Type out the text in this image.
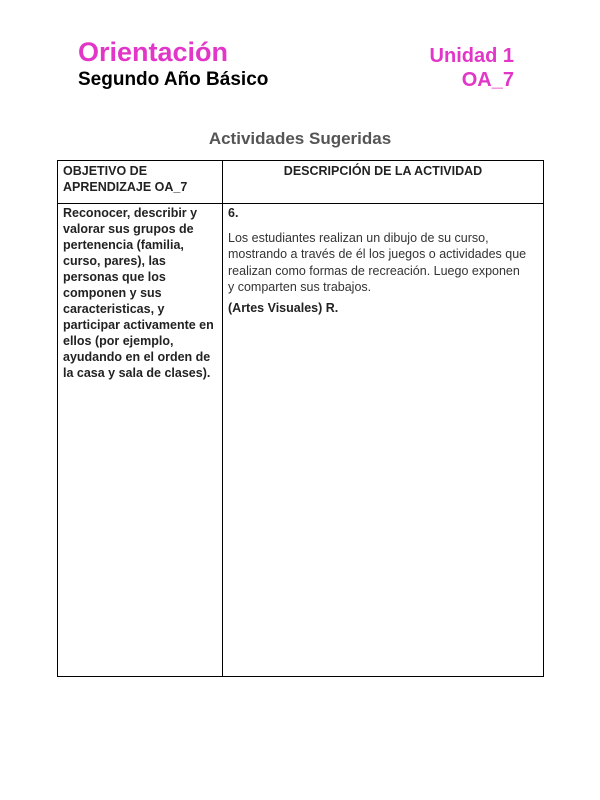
Orientación	Unidad 1
Segundo Año Básico	OA_7
Actividades Sugeridas
OBJETIVO DE APRENDIZAJE OA_7
DESCRIPCIÓN DE LA ACTIVIDAD
Reconocer, describir y valorar sus grupos de pertenencia (familia, curso, pares), las personas que los componen y sus caracteristicas, y participar activamente en ellos (por ejemplo, ayudando en el orden de la casa y sala de clases).

6.

Los estudiantes realizan un dibujo de su curso, mostrando a través de él los juegos o actividades que realizan como formas de recreación. Luego exponen y comparten sus trabajos.

(Artes Visuales) R.
